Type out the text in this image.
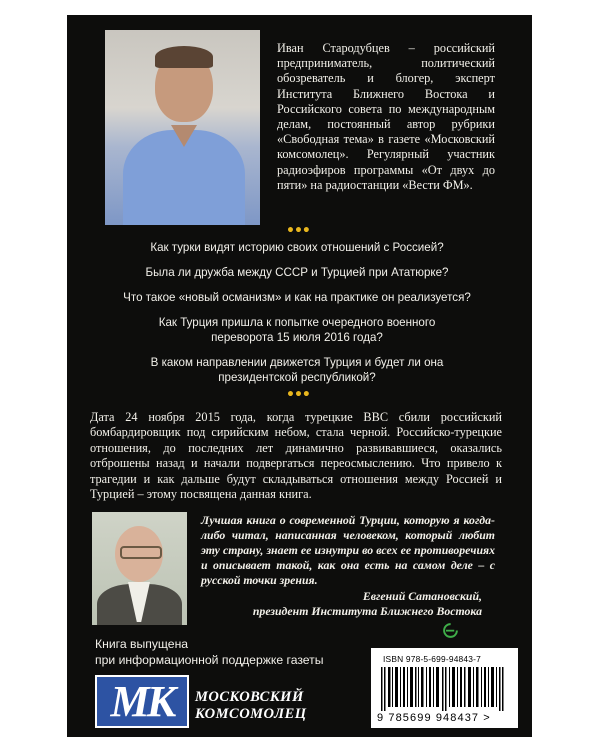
Иван Стародубцев – российский предприниматель, политический обозреватель и блогер, эксперт Института Ближнего Востока и Российского совета по международным делам, постоянный автор рубрики «Свободная тема» в газете «Московский комсомолец». Регулярный участник радиоэфиров программы «От двух до пяти» на радиостанции «Вести ФМ».
•••
Как турки видят историю своих отношений с Россией?
Была ли дружба между СССР и Турцией при Ататюрке?
Что такое «новый османизм» и как на практике он реализуется?
Как Турция пришла к попытке очередного военного переворота 15 июля 2016 года?
В каком направлении движется Турция и будет ли она президентской республикой?
•••
Дата 24 ноября 2015 года, когда турецкие ВВС сбили российский бомбардировщик под сирийским небом, стала черной. Российско-турецкие отношения, до последних лет динамично развивавшиеся, оказались отброшены назад и начали подвергаться переосмыслению. Что привело к трагедии и как дальше будут складываться отношения между Россией и Турцией – этому посвящена данная книга.
Лучшая книга о современной Турции, которую я когда-либо читал, написанная человеком, который любит эту страну, знает ее изнутри во всех ее противоречиях и описывает такой, как она есть на самом деле – с русской точки зрения.
Евгений Сатановский,
президент Института Ближнего Востока
Книга выпущена
при информационной поддержке газеты
МК	МОСКОВСКИЙ
КОМСОМОЛЕЦ
ISBN 978-5-699-94843-7
9 785699 948437 >
